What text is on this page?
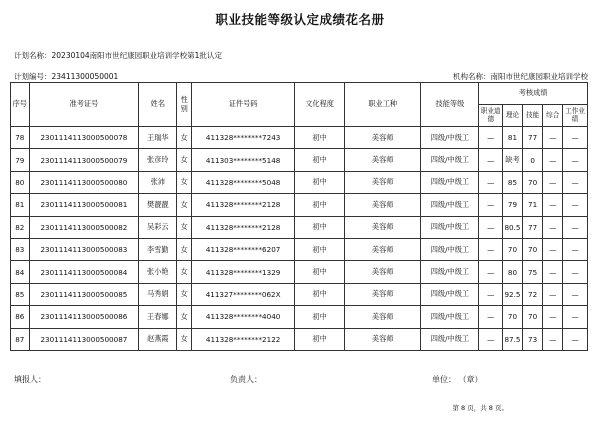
职业技能等级认定成绩花名册
计划名称：20230104南阳市世纪康园职业培训学校第1批认定
计划编号：23411300050001	机构名称：南阳市世纪康园职业培训学校
序号	准考证号	姓名	性别	证件号码	文化程度	职业工种	技能等级	考核成绩				
								职业道德	理论	技能	综合	工作业绩
78	2301114113000500078	王瑞华	女	411328********7243	初中	美容师	四级/中级工	—	81	77	—	—
79	2301114113000500079	张彦玲	女	411303********5148	初中	美容师	四级/中级工	—	缺考	0	—	—
80	2301114113000500080	张沛	女	411328********5048	初中	美容师	四级/中级工	—	85	70	—	—
81	2301114113000500081	樊靓靓	女	411328********2128	初中	美容师	四级/中级工	—	79	71	—	—
82	2301114113000500082	吴彩云	女	411328********2128	初中	美容师	四级/中级工	—	80.5	77	—	—
83	2301114113000500083	李雪勤	女	411328********6207	初中	美容师	四级/中级工	—	70	70	—	—
84	2301114113000500084	张小艳	女	411328********1329	初中	美容师	四级/中级工	—	80	75	—	—
85	2301114113000500085	马秀娟	女	411327********062X	初中	美容师	四级/中级工	—	92.5	72	—	—
86	2301114113000500086	王春娜	女	411328********4040	初中	美容师	四级/中级工	—	70	70	—	—
87	2301114113000500087	赵燕霞	女	411328********2122	初中	美容师	四级/中级工	—	87.5	73	—	—
填报人：	负责人：	单位： （章）
第 8 页，共 8 页。
